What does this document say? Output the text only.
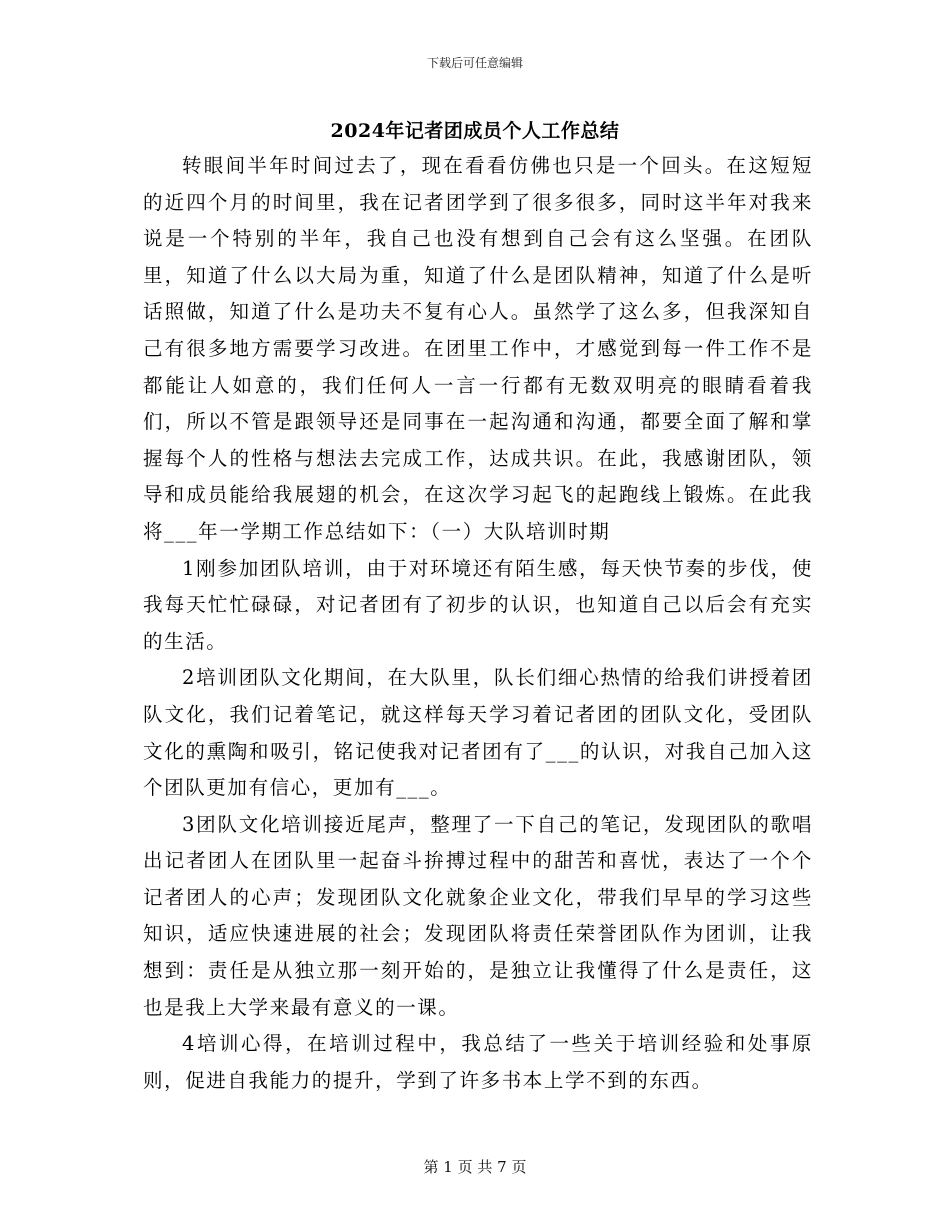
下载后可任意编辑
2024年记者团成员个人工作总结

转眼间半年时间过去了，现在看看仿佛也只是一个回头。在这短短的近四个月的时间里，我在记者团学到了很多很多，同时这半年对我来说是一个特别的半年，我自己也没有想到自己会有这么坚强。在团队里，知道了什么以大局为重，知道了什么是团队精神，知道了什么是听话照做，知道了什么是功夫不复有心人。虽然学了这么多，但我深知自己有很多地方需要学习改进。在团里工作中，才感觉到每一件工作不是都能让人如意的，我们任何人一言一行都有无数双明亮的眼睛看着我们，所以不管是跟领导还是同事在一起沟通和沟通，都要全面了解和掌握每个人的性格与想法去完成工作，达成共识。在此，我感谢团队，领导和成员能给我展翅的机会，在这次学习起飞的起跑线上锻炼。在此我将___年一学期工作总结如下：（一）大队培训时期

1刚参加团队培训，由于对环境还有陌生感，每天快节奏的步伐，使我每天忙忙碌碌，对记者团有了初步的认识，也知道自己以后会有充实的生活。

2培训团队文化期间，在大队里，队长们细心热情的给我们讲授着团队文化，我们记着笔记，就这样每天学习着记者团的团队文化，受团队文化的熏陶和吸引，铭记使我对记者团有了___的认识，对我自己加入这个团队更加有信心，更加有___。

3团队文化培训接近尾声，整理了一下自己的笔记，发现团队的歌唱出记者团人在团队里一起奋斗拚搏过程中的甜苦和喜忧，表达了一个个记者团人的心声；发现团队文化就象企业文化，带我们早早的学习这些知识，适应快速进展的社会；发现团队将责任荣誉团队作为团训，让我想到：责任是从独立那一刻开始的，是独立让我懂得了什么是责任，这也是我上大学来最有意义的一课。

4培训心得，在培训过程中，我总结了一些关于培训经验和处事原则，促进自我能力的提升，学到了许多书本上学不到的东西。

第 1 页 共 7 页
